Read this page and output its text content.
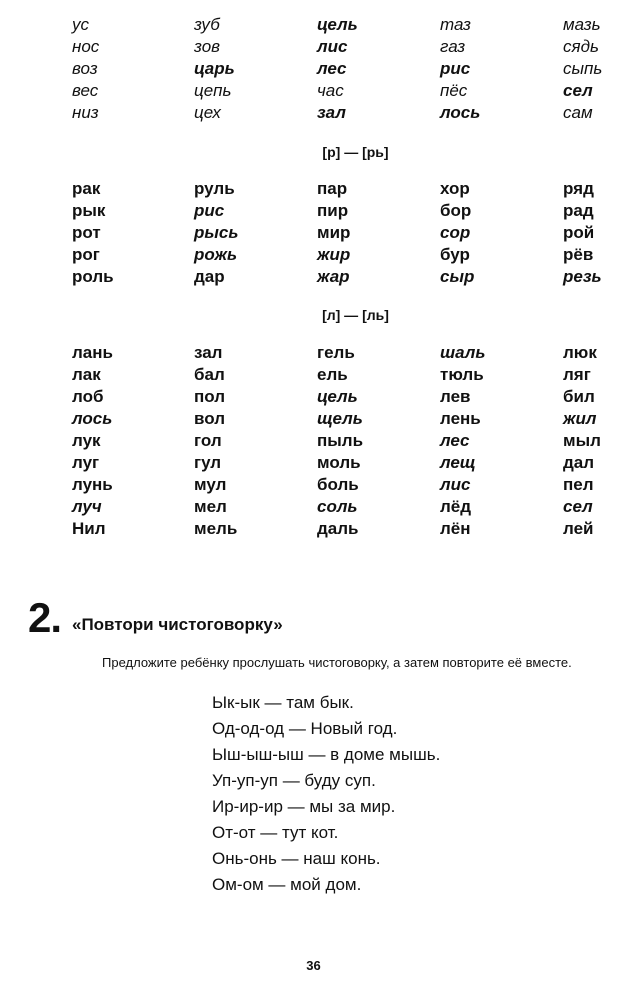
ус	зуб	цель	таз	мазь
нос	зов	лис	газ	сядь
воз	царь	лес	рис	сыпь
вес	цепь	час	пёс	сел
низ	цех	зал	лось	сам
[р] — [рь]
рак	руль	пар	хор	ряд
рык	рис	пир	бор	рад
рот	рысь	мир	сор	рой
рог	рожь	жир	бур	рёв
роль	дар	жар	сыр	резь
[л] — [ль]
лань	зал	гель	шаль	люк
лак	бал	ель	тюль	ляг
лоб	пол	цель	лев	бил
лось	вол	щель	лень	жил
лук	гол	пыль	лес	мыл
луг	гул	моль	лещ	дал
лунь	мул	боль	лис	пел
луч	мел	соль	лёд	сел
Нил	мель	даль	лён	лей
2. «Повтори чистоговорку»
Предложите ребёнку прослушать чистоговорку, а затем повторите её вместе.
Ык-ык — там бык.
Од-од-од — Новый год.
Ыш-ыш-ыш — в доме мышь.
Уп-уп-уп — буду суп.
Ир-ир-ир — мы за мир.
От-от — тут кот.
Онь-онь — наш конь.
Ом-ом — мой дом.
36
